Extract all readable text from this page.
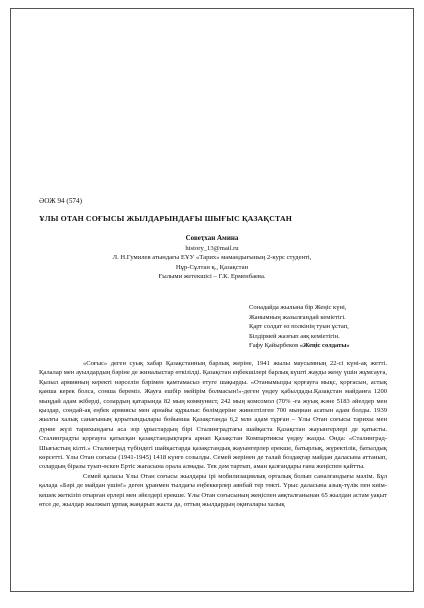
ӘОЖ 94 (574)
ҰЛЫ ОТАН СОҒЫСЫ ЖЫЛДАРЫНДАҒЫ ШЫҒЫС ҚАЗАҚСТАН
Совеҭхан Амина
history_13@mail.ru
Л. Н.Гумилев атындағы ЕҰУ «Тарих» мамандығының 2-курс студенті,
Нұр-Сұлтан қ., Қазақстан
Ғылыми жетекшісі – Г.К. Ерменбаева.
Сонадайда жылына бір Жеңіс күні,
Жанымның жазылғандай кеміетігі.
Қарт солдат өз полкінің туын ұстап,
Білдірмей жазғып аяқ кеміетігін.
Ғафу Қайырбеков «Жеңіс солдаты»

«Соғыс» деген суық хабар Қазақстанның барлық жеріне, 1941 жылы маусымның 22-сі күні-ақ жетті. Қалалар мен ауылдардың бәріне де жиналыстар өткізілді. Қазақстан еңбекшілері барлық күшті жауды жеңу үшін жұмсауға, Қызыл армияның керекті нәрселін бәрімен қамтамасыз етуге шақырды. «Отанымызды қорғауға мықс, қорғасын, астық қанша керек болса, сонша береміз. Жауға ешбір мейірім болмасын!»-деген үндеу қабылдады.Қазақстан майданға 1200 мыңдай адам жіберді, солардың қатарында 82 мың коммунист, 242 мың комсомол (70% -ға жуық және 5183 әйелдер мен қыздар, сондай-ақ еңбек армиясы мен арнайы құрылыс бөлімдеріне жинелтілген 700 мыңнан асатын адам болды. 1939 жылғы халық санағының қорытындылары бойынша Қазақстанда 6,2 млн адам тұрған – Ұлы Отан соғысы тарихы мен дүние жүзі тарихындағы аса зор ұрыстардың бірі Сталинградтағы шайқаста Қазақстан жауынгерлері де қатысты. Сталинградты қорғауға қатысқан қазақстандықтарға арнап Қазақстан Компартиясы үндеу жазды. Онда: «Сталинград-Шығыстың кілті.» Сталинград түбіндегі шайқастарда қазақстандық жауынгерлер ерекше, батырлық, жүректілік, батылдық көрсетті. Ұлы Отан соғысы (1941-1945) 1418 күнге созылды. Семей жерінен де талай боздақтар майдан даласына аттанып, солардың біразы туып-өскен Ертіс жағасына орала алмады. Тек дәм тартып, аман қалғандары ғана жеңіспен қайтты.

Семей қаласы Ұлы Отан соғысы жылдары ірі мобилизациялық орталық болып саналғандығы мәлім. Бұл қалада «Бәрі де майдан үшін!» деген ұранмен тылдағы еңбеккерлер аянбай тер төкті. Үрыс даласына азық-түлік пен киім-кешек жеткізіп отырған ерлері мен әйелдері ерекше. Ұлы Отан соғысының жеңіспен аяқталғанынан 65 жылдан астам уақыт өтсе де, жылдар жылжып ұрпақ жаңарып жаста да, оттың жылдардың оқиғалары халық
